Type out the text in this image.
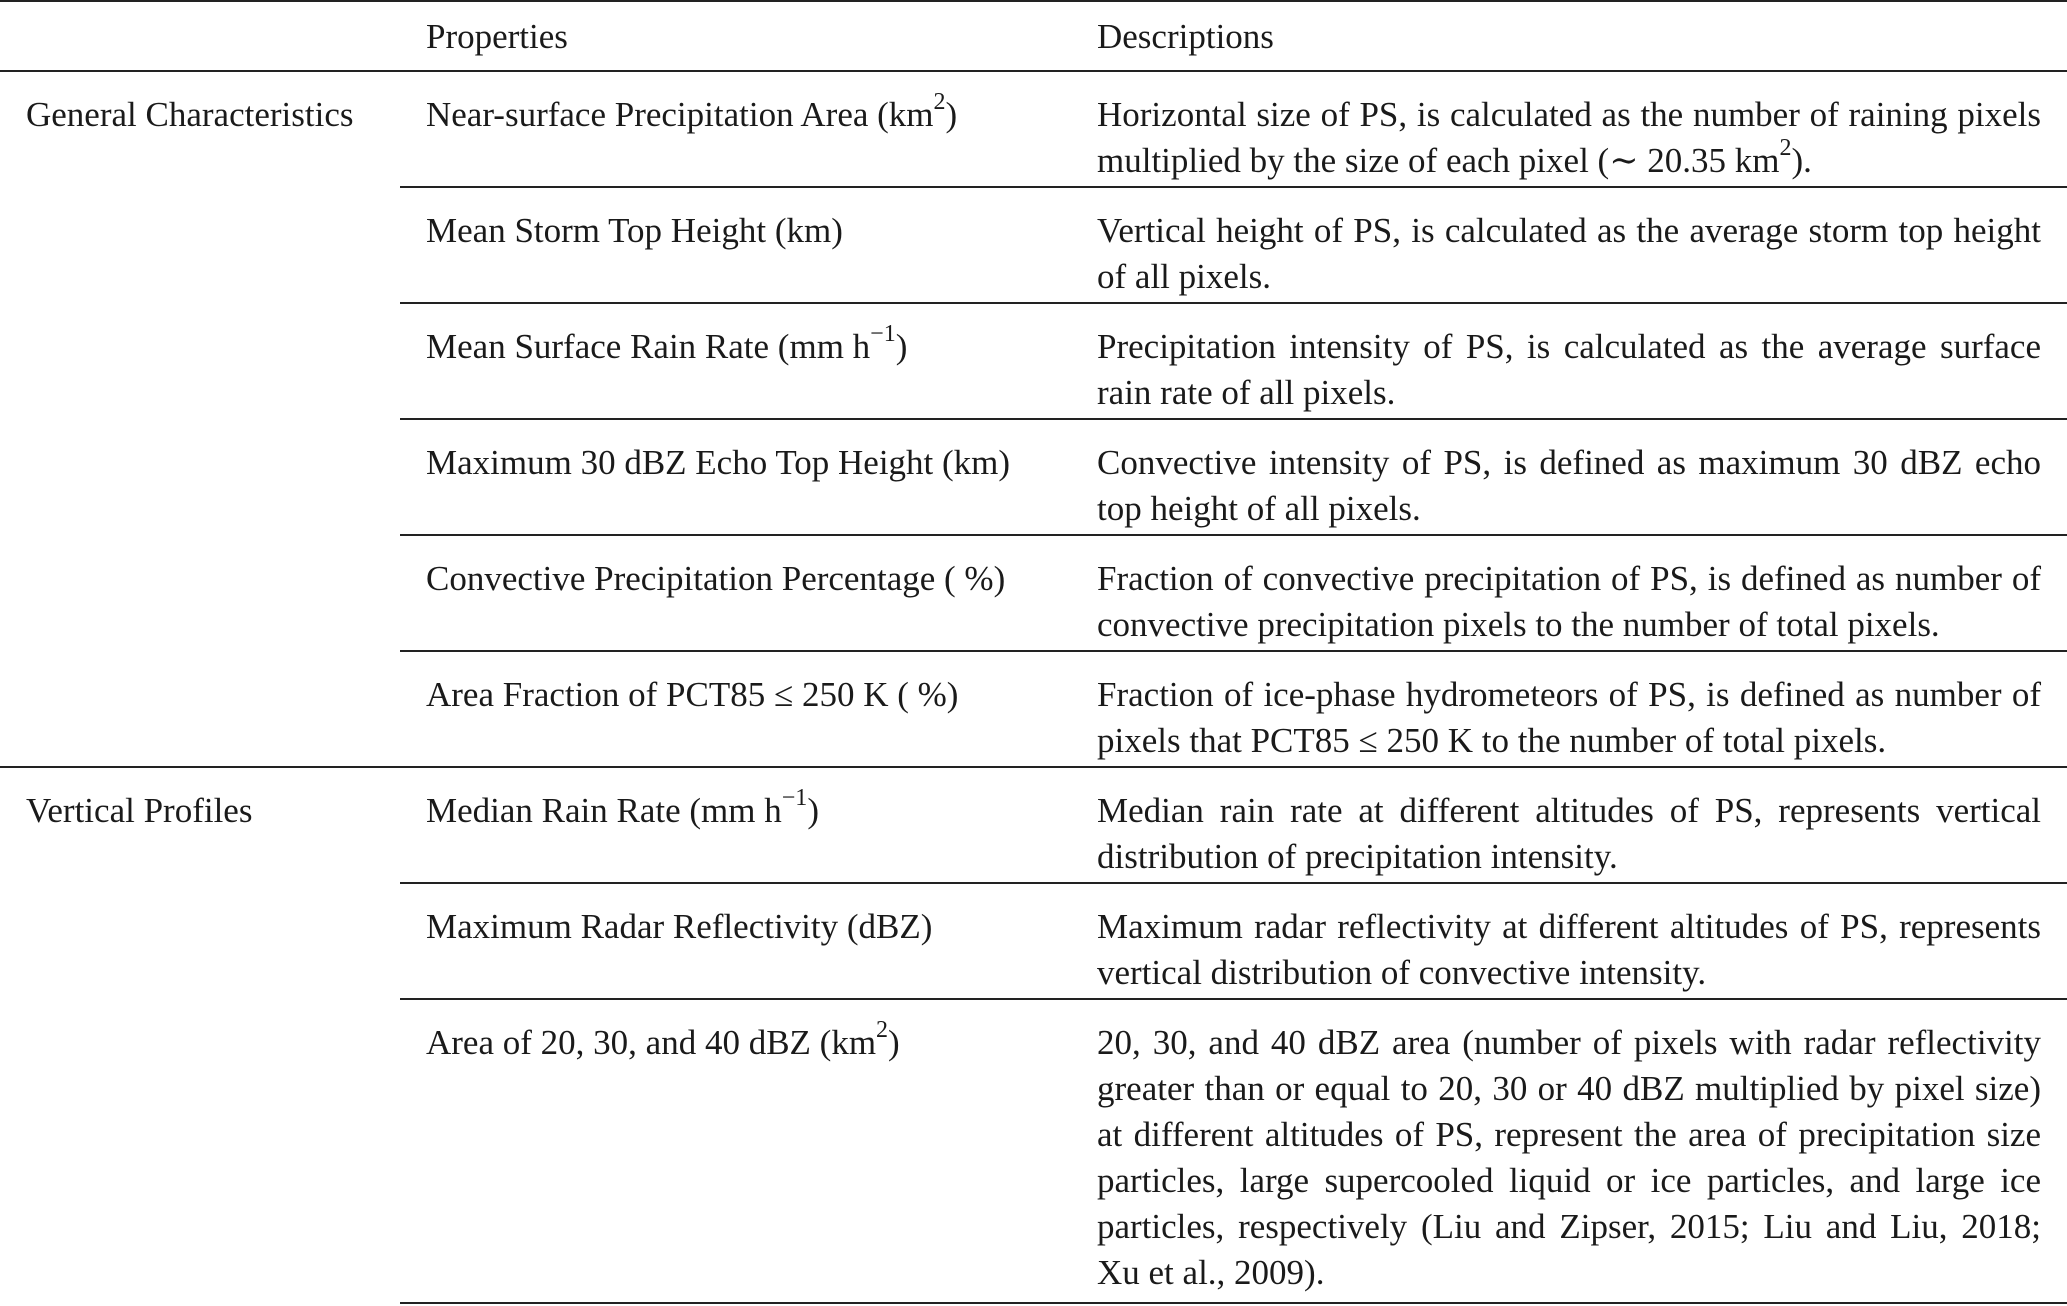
	Properties	Descriptions
General Characteristics	Near-surface Precipitation Area $(km^2)$	Horizontal size of PS, is calculated as the number of raining pixels multiplied by the size of each pixel (∼ 20.35 $km^2$).
	Mean Storm Top Height (km)	Vertical height of PS, is calculated as the average storm top height of all pixels.
	Mean Surface Rain Rate (mm $h^{-1}$)	Precipitation intensity of PS, is calculated as the average surface rain rate of all pixels.
	Maximum 30 dBZ Echo Top Height (km)	Convective intensity of PS, is defined as maximum 30 dBZ echo top height of all pixels.
	Convective Precipitation Percentage ( %)	Fraction of convective precipitation of PS, is defined as number of convective precipitation pixels to the number of total pixels.
	Area Fraction of PCT85 ≤ 250 K ( %)	Fraction of ice-phase hydrometeors of PS, is defined as number of pixels that PCT85 ≤ 250 K to the number of total pixels.
Vertical Profiles	Median Rain Rate (mm $h^{-1}$)	Median rain rate at different altitudes of PS, represents vertical distribution of precipitation intensity.
	Maximum Radar Reflectivity (dBZ)	Maximum radar reflectivity at different altitudes of PS, represents vertical distribution of convective intensity.
	Area of 20, 30, and 40 dBZ $(km^2)$	20, 30, and 40 dBZ area (number of pixels with radar reflectivity greater than or equal to 20, 30 or 40 dBZ multiplied by pixel size) at different altitudes of PS, represent the area of precipitation size particles, large supercooled liquid or ice particles, and large ice particles, respectively (Liu and Zipser, 2015; Liu and Liu, 2018; Xu et al., 2009).
